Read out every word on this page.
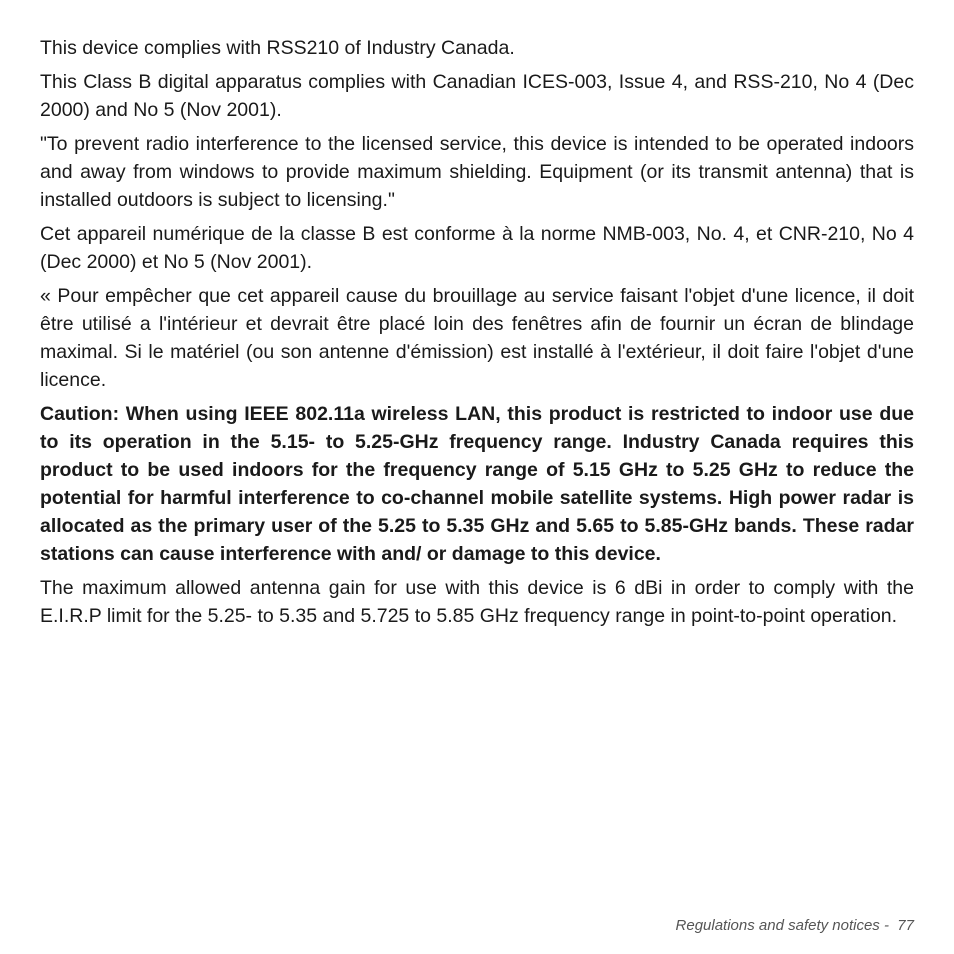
This device complies with RSS210 of Industry Canada.

This Class B digital apparatus complies with Canadian ICES-003, Issue 4, and RSS-210, No 4 (Dec 2000) and No 5 (Nov 2001).

"To prevent radio interference to the licensed service, this device is intended to be operated indoors and away from windows to provide maximum shielding. Equipment (or its transmit antenna) that is installed outdoors is subject to licensing."

Cet appareil numérique de la classe B est conforme à la norme NMB-003, No. 4, et CNR-210, No 4 (Dec 2000) et No 5 (Nov 2001).

« Pour empêcher que cet appareil cause du brouillage au service faisant l'objet d'une licence, il doit être utilisé a l'intérieur et devrait être placé loin des fenêtres afin de fournir un écran de blindage maximal. Si le matériel (ou son antenne d'émission) est installé à l'extérieur, il doit faire l'objet d'une licence.

Caution: When using IEEE 802.11a wireless LAN, this product is restricted to indoor use due to its operation in the 5.15- to 5.25-GHz frequency range. Industry Canada requires this product to be used indoors for the frequency range of 5.15 GHz to 5.25 GHz to reduce the potential for harmful interference to co-channel mobile satellite systems. High power radar is allocated as the primary user of the 5.25 to 5.35 GHz and 5.65 to 5.85-GHz bands. These radar stations can cause interference with and/ or damage to this device.

The maximum allowed antenna gain for use with this device is 6 dBi in order to comply with the E.I.R.P limit for the 5.25- to 5.35 and 5.725 to 5.85 GHz frequency range in point-to-point operation.

Regulations and safety notices -  77
